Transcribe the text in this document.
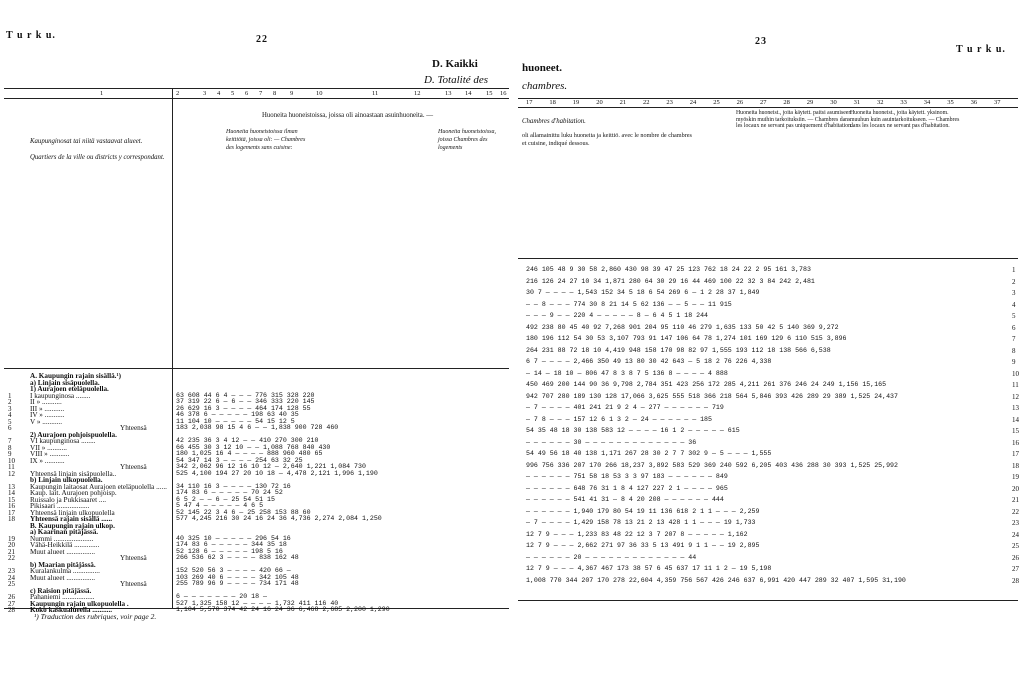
T u r k u.	22
D. Kaikki
D. Totalité des
1	2	3 4 5 6 7 8 9	10	11	12	13 14 15 16
Kaupunginosat tai niitä vastaavat alueet.
Quartiers de la ville ou districts y correspondant.
Huoneita huoneistoissa, joissa oli ainoastaan asuinhuoneita. —
Huoneita huoneistoissa ilman keittiötä, joissa oli: — Chambres des logements sans cuisine:
Huoneita huoneistoissa, joissa Chambres des logements
A. Kaupungin rajain sisällä.¹)
a) Linjain sisäpuolella.
1) Aurajoen eteläpuolella.
I kaupunginosa ........
1	63 608 44 6 4 — — — 776 315 328 220
II » ...........
2	37 319 22 6 — 6 — — 346 333 220 145
III » ...........
3	26 629 16 3 — — — — 464 174 128 55
IV » ...........
4	46 378 6 — — — — — 198 63 40 35
V » ...........
5	11 104 10 — — — — — 54 15 12 5
Yhteensä
6	183 2,038 98 15 4 6 — — 1,838 900 728 460
2) Aurajoen pohjoispuolella.
VI kaupunginosa ........
7	42 235 36 3 4 12 — — 410 270 300 210
VII » ...........
8	66 455 30 3 12 10 — — 1,088 768 840 430
VIII » ...........
9	180 1,025 16 4 — — — — 888 960 480 65
IX » ...........
10	54 347 14 3 — — — — 254 63 32 25
Yhteensä
11	342 2,062 96 12 16 10 12 — 2,640 1,221 1,084 730
Yhteensä linjain sisäpuolella..
12	525 4,100 194 27 20 10 18 — 4,478 2,121 1,996 1,190
b) Linjain ulkopuolella.
Kaupungin laitaosat Aurajoen eteläpuolella ......
13	34 110 16 3 — — — — 130 72 16
Kaup. lait. Aurajoen pohjoisp.
14	174 83 6 — — — — — 70 24 52
Ruissalo ja Pukkisaaret ....
15	6 5 2 — — 6 — 25 54 51 15
Pikisaari ..................
16	5 47 4 — — — — — 4 6 5
Yhteensä linjain ulkopuolella
17	52 145 22 3 4 6 — 25 258 153 88 60
Yhteensä rajain sisällä ......
18	577 4,245 216 30 24 16 24 36 4,736 2,274 2,084 1,250
B. Kaupungin rajain ulkop.
a) Kaarinan pitäjässä.
Nummi ......................
19	40 325 10 — — — — — 296 54 16
Vähä-Heikkilä ..............
20	174 83 6 — — — — — 344 35 18
Muut alueet ................
21	52 128 6 — — — — — 198 5 16
Yhteensä
22	266 536 62 3 — — — — 838 162 48
b) Maarian pitäjässä.
Kuralankulma ...............
23	152 520 56 3 — — — — 420 66 —
Muut alueet ................
24	103 269 40 6 — — — — 342 105 48
Yhteensä
25	255 789 96 9 — — — — 734 171 48
c) Raision pitäjässä.
Pahaniemi ..................
26	6 — — — — — — — 20 18 —
Kaupungin rajain ulkopuolella .
27	527 1,325 158 12 — — — — 1,732 411 116 40
Koko kaskualueella ...........
28	1,104 5,570 374 42 24 16 24 36 6,468 2,685 2,200 1,290
¹) Traduction des rubriques, voir page 2.
huoneet.
chambres.
23
T u r k u.
17	18	19	20	21	22	23	24	25	26	27	28	29	30	31	32	33	34	35	36	37
Chambres d'habitation.
oli allamainittu luku huoneita ja keittiö. avec le nombre de chambres et cuisine, indiqué dessous.
Huoneita huoneist., joita käytett. paitsi asumiseen myöskin muihin tarkoituksiin. — Chambres dans les locaux ne servant pas uniquement d'habitation.
Huoneita huoneist., joita käytett. yksinom. muuhun kuin asuintarkoitukseen. — Chambres dans les locaux ne servant pas d'habitation.
246 105 48 9 30 58 2,860 430 98 39 47 25 123 762 18 24 22 2 95 161 3,783	1
216 126 24 27 10 34 1,871 280 64 30 29 16 44 469 100 22 32 3 84 242 2,481	2
30 7 — — — — 1,543 152 34 5 18 6 54 269 6 — 1 2 28 37 1,849	3
— — 8 — — — 774 30 8 21 14 5 62 136 — — 5 — — 11 915	4
— — — 9 — — 220 4 — — — — — 8 — 6 4 5 1 18 244	5
492 238 80 45 40 92 7,268 901 204 95 110 46 279 1,635 133 50 42 5 140 369 9,272	6
180 196 112 54 30 53 3,107 793 91 147 106 64 78 1,274 101 169 129 6 110 515 3,896	7
264 231 88 72 18 10 4,419 948 158 170 98 82 97 1,555 193 112 18 138 566 6,538	8
6 7 — — — — 2,466 350 49 13 80 30 42 643 — 5 18 2 76 226 4,338	9
— 14 — 18 10 — 806 47 8 3 8 7 5 136 8 — — — — 4 888	10
450 469 200 144 90 36 9,798 2,784 351 423 256 172 285 4,211 261 376 246 24 249 1,156 15,165	11
942 707 280 189 130 128 17,066 3,625 555 518 366 218 564 5,846 393 426 289 29 389 1,525 24,437	12
— 7 — — — — 401 241 21 9 2 4 — 277 — — — — — — 719	13
— 7 8 — — — 157 12 6 1 3 2 — 24 — — — — — — 185	14
54 35 48 18 30 138 583 12 — — — — 16 1 2 — — — — — 615	15
— — — — — — 30 — — — — — — — — — — — — — 36	16
54 49 56 18 40 138 1,171 267 28 30 2 7 7 302 9 — 5 — — — 1,555	17
996 756 336 207 170 266 18,237 3,892 583 529 369 240 592 6,205 403 436 288 30 393 1,525 25,992	18
— — — — — — 751 58 18 53 3 3 97 183 — — — — — — 849	19
— — — — — — 648 76 31 1 8 4 127 227 2 1 — — — — 965	20
— — — — — — 541 41 31 — 8 4 20 208 — — — — — — 444	21
— — — — — — 1,940 179 80 54 19 11 136 618 2 1 1 — — — 2,259	22
— 7 — — — — 1,429 158 78 13 21 2 13 428 1 1 — — — 19 1,733	23
12 7 9 — — — 1,233 83 48 22 12 3 7 207 8 — — — — — 1,162	24
12 7 9 — — — 2,662 271 97 36 33 5 13 491 9 1 1 — — 19 2,895	25
— — — — — — 20 — — — — — — — — — — — — — 44	26
12 7 9 — — — 4,367 467 173 38 57 6 45 637 17 11 1 2 — 19 5,198	27
1,008 770 344 207 170 278 22,604 4,359 756 567 426 246 637 6,991 420 447 289 32 407 1,595 31,190	28
